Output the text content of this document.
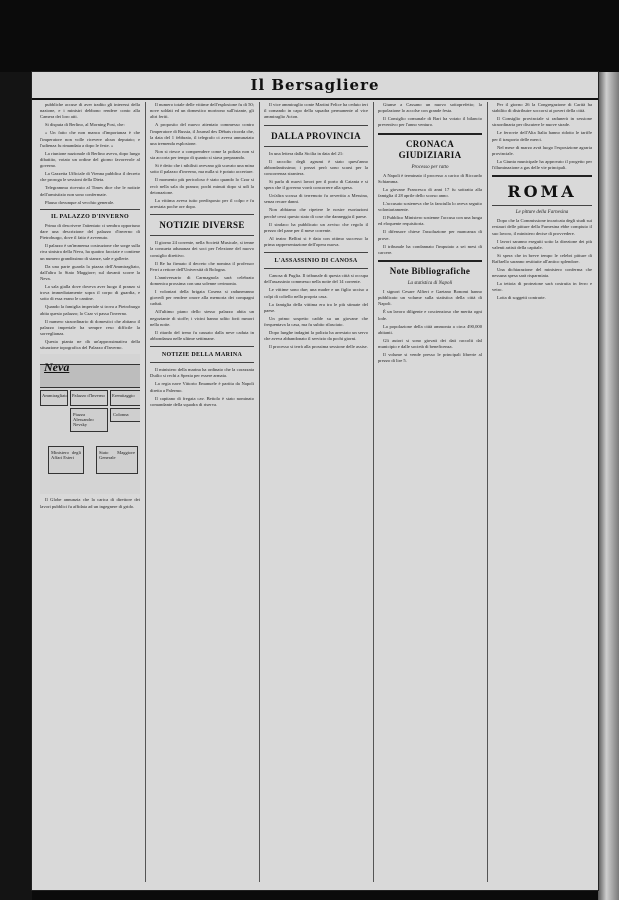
Il Bersagliere

pubbliche accuse di aver tradito gli interessi della nazione, e i ministri debbono rendere conto alla Camera dei loro atti.

Si disputa di Berlino, al Morning Post, che:

« Un fatto che non manca d'importanza è che l'imperatore non volle ricevere alcun deputato; e l'udienza fu rimandata a dopo le feste. »

La riunione nazionale di Berlino aveva, dopo lungo dibattito, votato un ordine del giorno favorevole al governo.

La Gazzetta Ufficiale di Vienna pubblica il decreto che proroga le sessioni della Dieta.

Telegramma ricevuto al Times dice che le notizie dell'armistizio non sono confermate.

Plauso dovunque al vecchio generale.

IL PALAZZO D'INVERNO

Prima di descrivere l'attentato ci sembra opportuno dare una descrizione del palazzo d'inverno di Pietroburgo, dove il fatto è avvenuto.

Il palazzo è un'immensa costruzione che sorge sulla riva sinistra della Neva, ha quattro facciate e contiene un numero grandissimo di stanze, sale e gallerie.

Da una parte guarda la piazza dell'Ammiragliato, dall'altra lo Stato Maggiore; sul davanti scorre la Neva.

La sala gialla dove doveva aver luogo il pranzo si trova immediatamente sopra il corpo di guardia, e sotto di essa erano le cantine.

Quando la famiglia imperiale si trova a Pietroburgo abita questo palazzo; lo Czar vi passa l'inverno.

Il numero straordinario di domestici che abitano il palazzo imperiale ha sempre reso difficile la sorveglianza.

Questa pianta ne dà un'approssimativa della situazione topografica del Palazzo d'Inverno.

Neva
Ammiragliato Palazzo d'Inverno Eremitaggio
Piazza Alessandro Nevsky
Colonna
Ministero degli Affari Esteri
Stato Maggiore Generale

Il Globe annunzia che la carica di direttore dei lavori pubblici fu affidata ad un ingegnere di grido.

Il numero totale delle vittime dell'esplosione fu di 50; nove soldati ed un domestico morirono sull'istante, gli altri feriti.

A proposito del nuovo attentato commesso contro l'imperatore di Russia, il Journal des Débats ricorda che, la data del 1 febbraio, il telegrafo ci aveva annunziato una tremenda esplosione.

Non si riesce a comprendere come la polizia non si sia accorta per tempo di quanto si stava preparando.

Si è detto che i nihilisti avevano già scavato una mina sotto il palazzo d'inverno, ma nulla si è potuto accertare.

Il momento più pericoloso è stato quando lo Czar si recò nella sala da pranzo; pochi minuti dopo si udì la detonazione.

La vittima aveva tutto predisposto per il colpo e fu arrestata poche ore dopo.

NOTIZIE DIVERSE

Il giorno 24 corrente, nella Società Musicale, si tenne la consueta adunanza dei soci per l'elezione del nuovo consiglio direttivo.

Il Re ha firmato il decreto che nomina il professor Ferri a rettore dell'Università di Bologna.

L'anniversario di Carmagnola sarà celebrato domenica prossima con una solenne cerimonia.

I volontari della brigata Cosenz si raduneranno giovedì per rendere onore alla memoria dei compagni caduti.

All'ultimo piano dello stesso palazzo abita un negoziante di stoffe; i vicini hanno udito forti rumori nella notte.

Il ritardo del treno fu causato dalla neve caduta in abbondanza nelle ultime settimane.

NOTIZIE DELLA MARINA

Il ministero della marina ha ordinato che la corazzata Duilio si rechi a Spezia per essere armata.

La regia nave Vittorio Emanuele è partita da Napoli diretta a Palermo.

Il capitano di fregata cav. Bettolo è stato nominato comandante della squadra di riserva.

Il vice ammiraglio conte Martini Felice ha ceduto ieri il comando in capo della squadra permanente al vice ammiraglio Acton.

DALLA PROVINCIA

In una lettera dalla Sicilia in data del 21:

Il raccolto degli agrumi è stato quest'anno abbondantissimo; i prezzi però sono scarsi per la concorrenza straniera.

Si parla di nuovi lavori per il porto di Catania e si spera che il governo vorrà concorrere alla spesa.

Un'altra scossa di terremoto fu avvertita a Messina, senza recare danni.

Non abbiamo che ripetere le nostre esortazioni perché cessi questo stato di cose che danneggia il paese.

Il sindaco ha pubblicato un avviso che regola il prezzo del pane per il mese corrente.

Al teatro Bellini si è data con ottimo successo la prima rappresentazione dell'opera nuova.

L'ASSASSINIO DI CANOSA

Canosa di Puglia. Il tribunale di questa città si occupa dell'assassinio commesso nella notte del 14 corrente.

Le vittime sono due; una madre e un figlio ucciso a colpi di coltello nella propria casa.

La famiglia della vittima era tra le più stimate del paese.

Un primo sospetto cadde su un giovane che frequentava la casa, ma fu subito rilasciato.

Dopo lunghe indagini la polizia ha arrestato un servo che aveva abbandonato il servizio da pochi giorni.

Il processo si terrà alla prossima sessione delle assise.

Giunse a Cassano un nuovo sottoprefetto; la popolazione lo accolse con grande festa.

Il Consiglio comunale di Bari ha votato il bilancio preventivo per l'anno venturo.

CRONACA GIUDIZIARIA
Processo per ratto

A Napoli è terminato il processo a carico di Riccardo Schiamma.

La giovane Francesca di anni 17 fu sottratta alla famiglia il 28 aprile dello scorso anno.

L'accusato sosteneva che la fanciulla lo aveva seguito volontariamente.

Il Pubblico Ministero sostenne l'accusa con una lunga ed eloquente requisitoria.

Il difensore chiese l'assoluzione per mancanza di prove.

Il tribunale ha condannato l'imputato a sei mesi di carcere.

Note Bibliografiche
La statistica di Napoli

I signori Cesare Alfieri e Gaetano Bonomi hanno pubblicato un volume sulla statistica della città di Napoli.

È un lavoro diligente e coscienzioso che merita ogni lode.

La popolazione della città ammonta a circa 490,000 abitanti.

Gli autori si sono giovati dei dati raccolti dal municipio e dalle società di beneficenza.

Il volume si vende presso le principali librerie al prezzo di lire 5.

Per il giorno 26 la Congregazione di Carità ha stabilito di distribuire soccorsi ai poveri della città.

Il Consiglio provinciale si radunerà in sessione straordinaria per discutere le nuove strade.

Le ferrovie dell'Alta Italia hanno ridotto le tariffe per il trasporto delle merci.

Nel mese di marzo avrà luogo l'esposizione agraria provinciale.

La Giunta municipale ha approvato il progetto per l'illuminazione a gas delle vie principali.

ROMA
Le pitture della Farnesina

Dopo che la Commissione incaricata degli studi sui restauri delle pitture della Farnesina ebbe compiuto il suo lavoro, il ministero decise di provvedere.

I lavori saranno eseguiti sotto la direzione dei più valenti artisti della capitale.

Si spera che in breve tempo le celebri pitture di Raffaello saranno restituite all'antico splendore.

Una dichiarazione del ministero conferma che nessuna spesa sarà risparmiata.

La tettoia di protezione sarà costruita in ferro e vetro.

Lotta di soggetti contrarie.
